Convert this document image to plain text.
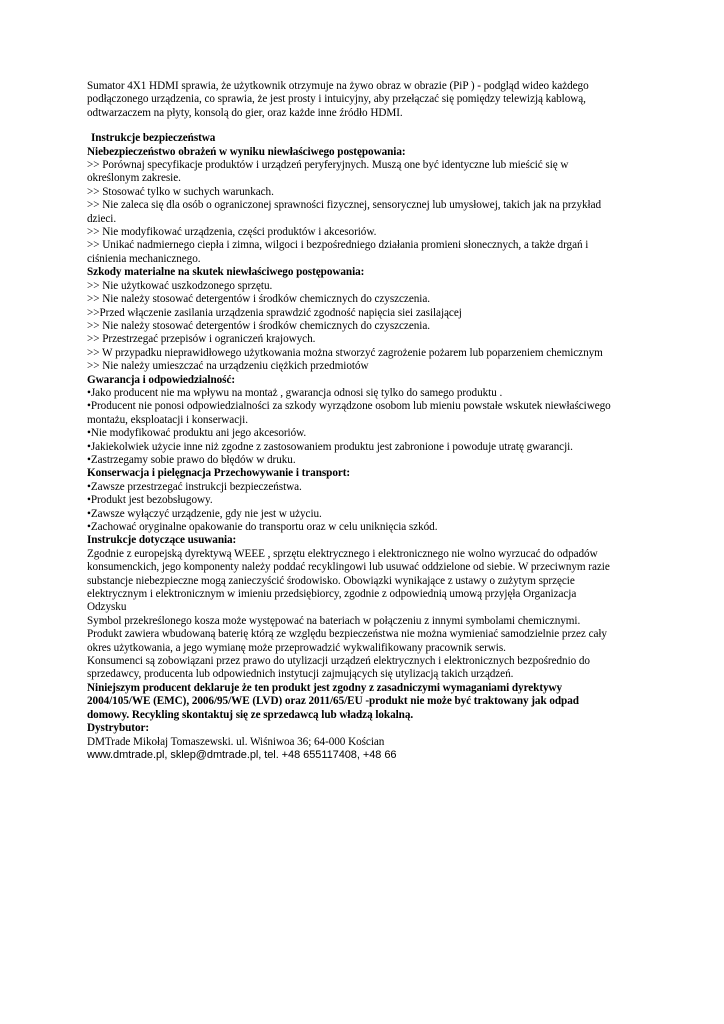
Sumator 4X1 HDMI sprawia, że użytkownik otrzymuje na żywo obraz w obrazie (PiP ) - podgląd wideo każdego
podłączonego urządzenia, co sprawia, że jest prosty i intuicyjny, aby przełączać się pomiędzy telewizją kablową,
odtwarzaczem na płyty, konsolą do gier, oraz każde inne źródło HDMI.
Instrukcje bezpieczeństwa
Niebezpieczeństwo obrażeń w wyniku niewłaściwego postępowania:
>> Porównaj specyfikacje produktów i urządzeń peryferyjnych. Muszą one być identyczne lub mieścić się w
określonym zakresie.
>> Stosować tylko w suchych warunkach.
>> Nie zaleca się dla osób o ograniczonej sprawności fizycznej, sensorycznej lub umysłowej, takich jak na przykład
dzieci.
>> Nie modyfikować urządzenia, części produktów i akcesoriów.
>> Unikać nadmiernego ciepła i zimna, wilgoci i bezpośredniego działania promieni słonecznych, a także drgań i
ciśnienia mechanicznego.
Szkody materialne na skutek niewłaściwego postępowania:
>> Nie użytkować uszkodzonego sprzętu.
>> Nie należy stosować detergentów i środków chemicznych do czyszczenia.
>>Przed włączenie zasilania urządzenia sprawdzić zgodność napięcia siei zasilającej
>> Nie należy stosować detergentów i środków chemicznych do czyszczenia.
>> Przestrzegać przepisów i ograniczeń krajowych.
>> W przypadku nieprawidłowego użytkowania można stworzyć zagrożenie pożarem lub poparzeniem chemicznym
>> Nie należy umieszczać na urządzeniu ciężkich przedmiotów
Gwarancja i odpowiedzialność:
•Jako producent nie ma wpływu na montaż , gwarancja odnosi się tylko do samego produktu .
•Producent nie ponosi odpowiedzialności za szkody wyrządzone osobom lub mieniu powstałe wskutek niewłaściwego
montażu, eksploatacji i konserwacji.
•Nie modyfikować produktu ani jego akcesoriów.
•Jakiekolwiek użycie inne niż zgodne z zastosowaniem produktu jest zabronione i powoduje utratę gwarancji.
•Zastrzegamy sobie prawo do błędów w druku.
Konserwacja i pielęgnacja Przechowywanie i transport:
•Zawsze przestrzegać instrukcji bezpieczeństwa.
•Produkt jest bezobsługowy.
•Zawsze wyłączyć urządzenie, gdy nie jest w użyciu.
•Zachować oryginalne opakowanie do transportu oraz w celu uniknięcia szkód.
Instrukcje dotyczące usuwania:
Zgodnie z europejską dyrektywą WEEE , sprzętu elektrycznego i elektronicznego nie wolno wyrzucać do odpadów
konsumenckich, jego komponenty należy poddać recyklingowi lub usuwać oddzielone od siebie. W przeciwnym razie
substancje niebezpieczne mogą zanieczyścić środowisko. Obowiązki wynikające z ustawy o zużytym sprzęcie
elektrycznym i elektronicznym w imieniu przedsiębiorcy, zgodnie z odpowiednią umową przyjęła Organizacja
Odzysku
Symbol przekreślonego kosza może występować na bateriach w połączeniu z innymi symbolami chemicznymi.
Produkt zawiera wbudowaną baterię którą ze względu bezpieczeństwa nie można wymieniać samodzielnie przez cały
okres użytkowania, a jego wymianę może przeprowadzić wykwalifikowany pracownik serwis.
Konsumenci są zobowiązani przez prawo do utylizacji urządzeń elektrycznych i elektronicznych bezpośrednio do
sprzedawcy, producenta lub odpowiednich instytucji zajmujących się utylizacją takich urządzeń.
Niniejszym producent deklaruje że ten produkt jest zgodny z zasadniczymi wymaganiami dyrektywy
2004/105/WE (EMC), 2006/95/WE (LVD) oraz 2011/65/EU -produkt nie może być traktowany jak odpad
domowy. Recykling skontaktuj się ze sprzedawcą lub władzą lokalną.
Dystrybutor:
DMTrade Mikołaj Tomaszewski. ul. Wiśniwoa 36; 64-000 Kościan
www.dmtrade.pl, sklep@dmtrade.pl, tel. +48 655117408, +48 66
